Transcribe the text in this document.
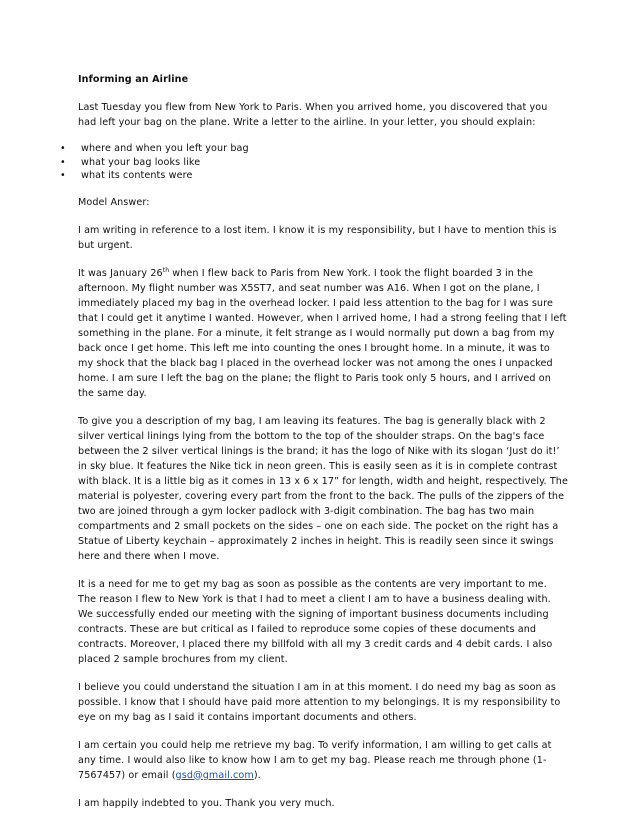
Informing an Airline

Last Tuesday you flew from New York to Paris. When you arrived home, you discovered that you had left your bag on the plane. Write a letter to the airline. In your letter, you should explain:

• where and when you left your bag
• what your bag looks like
• what its contents were

Model Answer:

I am writing in reference to a lost item. I know it is my responsibility, but I have to mention this is but urgent.

It was January 26th when I flew back to Paris from New York. I took the flight boarded 3 in the afternoon. My flight number was X5ST7, and seat number was A16. When I got on the plane, I immediately placed my bag in the overhead locker. I paid less attention to the bag for I was sure that I could get it anytime I wanted. However, when I arrived home, I had a strong feeling that I left something in the plane. For a minute, it felt strange as I would normally put down a bag from my back once I get home. This left me into counting the ones I brought home. In a minute, it was to my shock that the black bag I placed in the overhead locker was not among the ones I unpacked home. I am sure I left the bag on the plane; the flight to Paris took only 5 hours, and I arrived on the same day.

To give you a description of my bag, I am leaving its features. The bag is generally black with 2 silver vertical linings lying from the bottom to the top of the shoulder straps. On the bag's face between the 2 silver vertical linings is the brand; it has the logo of Nike with its slogan ‘Just do it!’ in sky blue. It features the Nike tick in neon green. This is easily seen as it is in complete contrast with black. It is a little big as it comes in 13 x 6 x 17” for length, width and height, respectively. The material is polyester, covering every part from the front to the back. The pulls of the zippers of the two are joined through a gym locker padlock with 3-digit combination. The bag has two main compartments and 2 small pockets on the sides – one on each side. The pocket on the right has a Statue of Liberty keychain – approximately 2 inches in height. This is readily seen since it swings here and there when I move.

It is a need for me to get my bag as soon as possible as the contents are very important to me. The reason I flew to New York is that I had to meet a client I am to have a business dealing with. We successfully ended our meeting with the signing of important business documents including contracts. These are but critical as I failed to reproduce some copies of these documents and contracts. Moreover, I placed there my billfold with all my 3 credit cards and 4 debit cards. I also placed 2 sample brochures from my client.

I believe you could understand the situation I am in at this moment. I do need my bag as soon as possible. I know that I should have paid more attention to my belongings. It is my responsibility to eye on my bag as I said it contains important documents and others.

I am certain you could help me retrieve my bag. To verify information, I am willing to get calls at any time. I would also like to know how I am to get my bag. Please reach me through phone (1-7567457) or email (gsd@gmail.com).

I am happily indebted to you. Thank you very much.
